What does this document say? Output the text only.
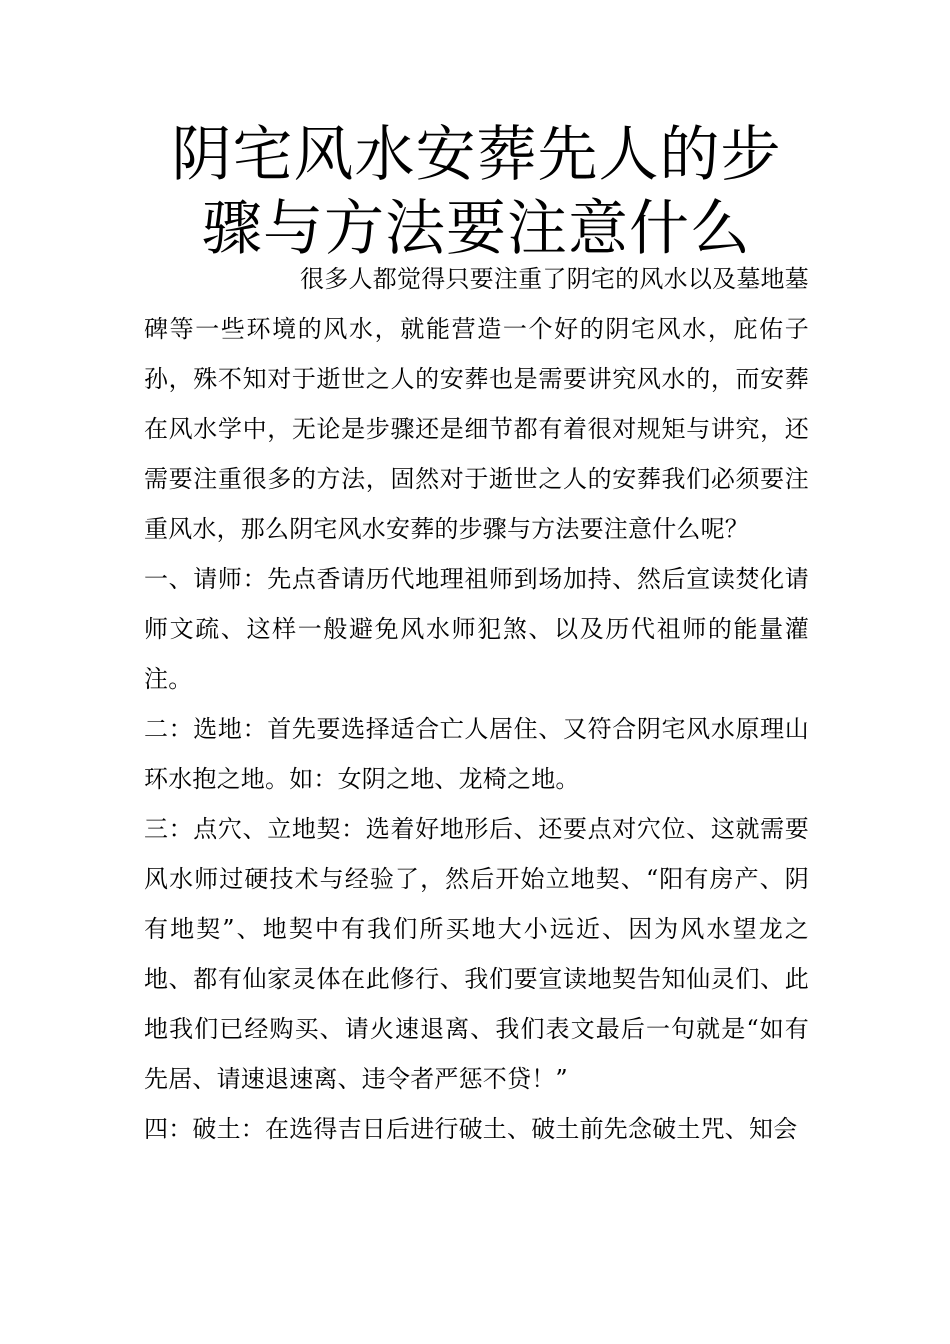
阴宅风水安葬先人的步骤与方法要注意什么

很多人都觉得只要注重了阴宅的风水以及墓地墓碑等一些环境的风水，就能营造一个好的阴宅风水，庇佑子孙，殊不知对于逝世之人的安葬也是需要讲究风水的，而安葬在风水学中，无论是步骤还是细节都有着很对规矩与讲究，还需要注重很多的方法，固然对于逝世之人的安葬我们必须要注重风水，那么阴宅风水安葬的步骤与方法要注意什么呢？

一、请师：先点香请历代地理祖师到场加持、然后宣读焚化请师文疏、这样一般避免风水师犯煞、以及历代祖师的能量灌注。

二：选地：首先要选择适合亡人居住、又符合阴宅风水原理山环水抱之地。如：女阴之地、龙椅之地。

三：点穴、立地契：选着好地形后、还要点对穴位、这就需要风水师过硬技术与经验了，然后开始立地契、“阳有房产、阴有地契”、地契中有我们所买地大小远近、因为风水望龙之地、都有仙家灵体在此修行、我们要宣读地契告知仙灵们、此地我们已经购买、请火速退离、我们表文最后一句就是“如有先居、请速退速离、违令者严惩不贷！”

四：破土：在选得吉日后进行破土、破土前先念破土咒、知会
